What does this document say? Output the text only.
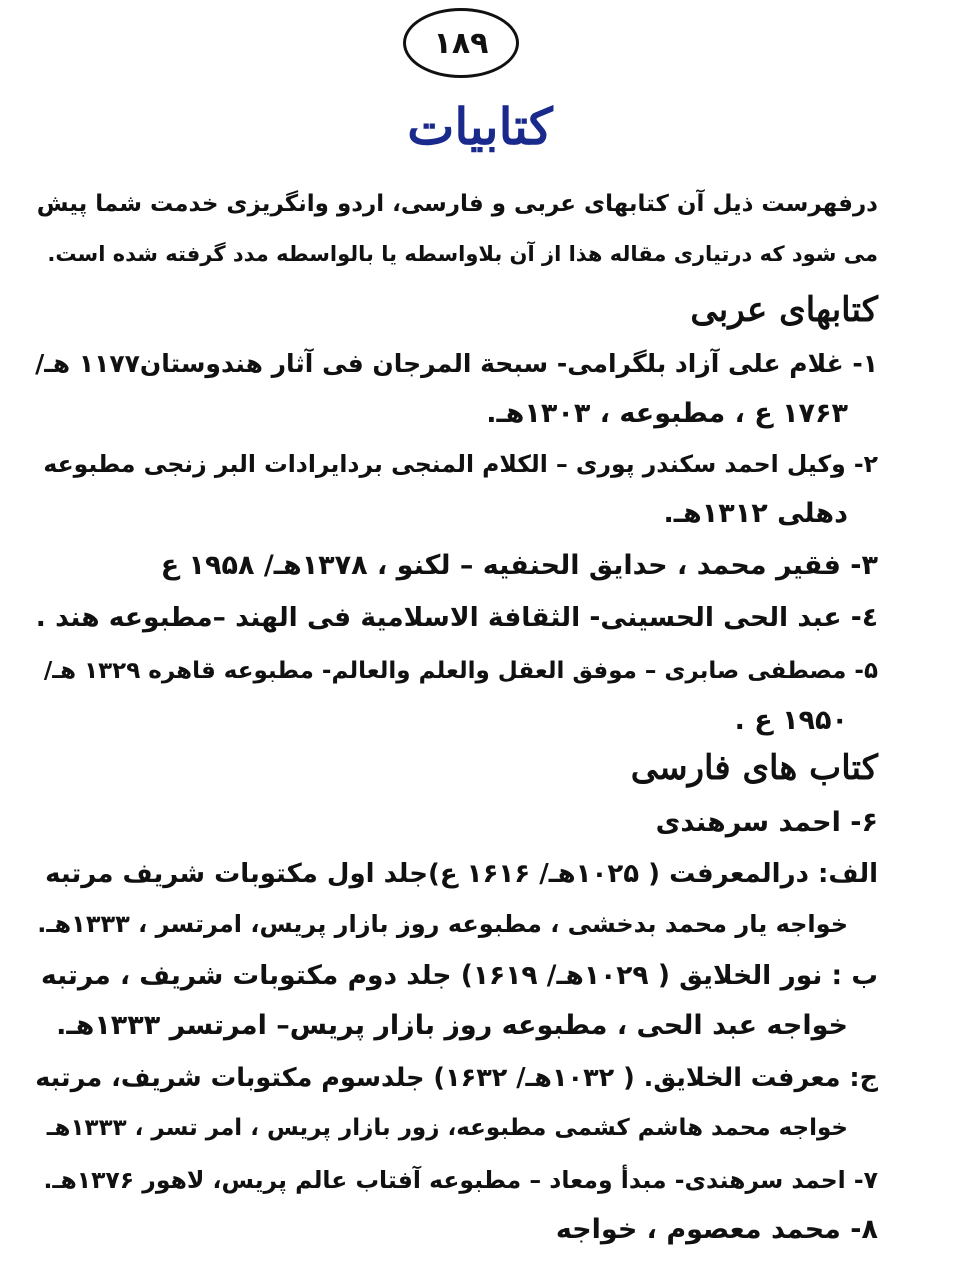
۱۸۹
کتابیات
درفهرست ذیل آن کتابهای عربی و فارسی، اردو وانگریزی خدمت شما پیش
می شود که درتیاری مقاله هذا از آن بلاواسطه یا بالواسطه مدد گرفته شده است.
کتابهای عربی
۱- غلام علی آزاد بلگرامی- سبحة المرجان فی آثار هندوستان۱۱۷۷ هـ/
۱۷۶۳ ع ، مطبوعه ، ۱۳۰۳هـ.
۲- وکیل احمد سکندر پوری – الکلام المنجی بردایرادات البر زنجی مطبوعه
دهلی ۱۳۱۲هـ.
۳- فقیر محمد ، حدایق الحنفیه – لکنو ، ۱۳۷۸هـ/ ۱۹۵۸ ع
٤- عبد الحی الحسینی- الثقافة الاسلامیة فی الهند –مطبوعه هند .
۵- مصطفی صابری – موفق العقل والعلم والعالم- مطبوعه قاهره ۱۳۲۹ هـ/
۱۹۵۰ ع .
کتاب های فارسی
۶- احمد سرهندی
الف: درالمعرفت ( ۱۰۲۵هـ/ ۱۶۱۶ ع)جلد اول مکتوبات شریف مرتبه
خواجه یار محمد بدخشی ، مطبوعه روز بازار پریس، امرتسر ، ۱۳۳۳هـ.
ب : نور الخلایق ( ۱۰۲۹هـ/ ۱۶۱۹) جلد دوم مکتوبات شریف ، مرتبه
خواجه عبد الحی ، مطبوعه روز بازار پریس– امرتسر ۱۳۳۳هـ.
ج: معرفت الخلایق. ( ۱۰۳۲هـ/ ۱۶۳۲) جلدسوم مکتوبات شریف، مرتبه
خواجه محمد هاشم کشمی مطبوعه، زور بازار پریس ، امر تسر ، ۱۳۳۳هـ
۷- احمد سرهندی- مبدأ ومعاد – مطبوعه آفتاب عالم پریس، لاهور ۱۳۷۶هـ.
۸- محمد معصوم ، خواجه
